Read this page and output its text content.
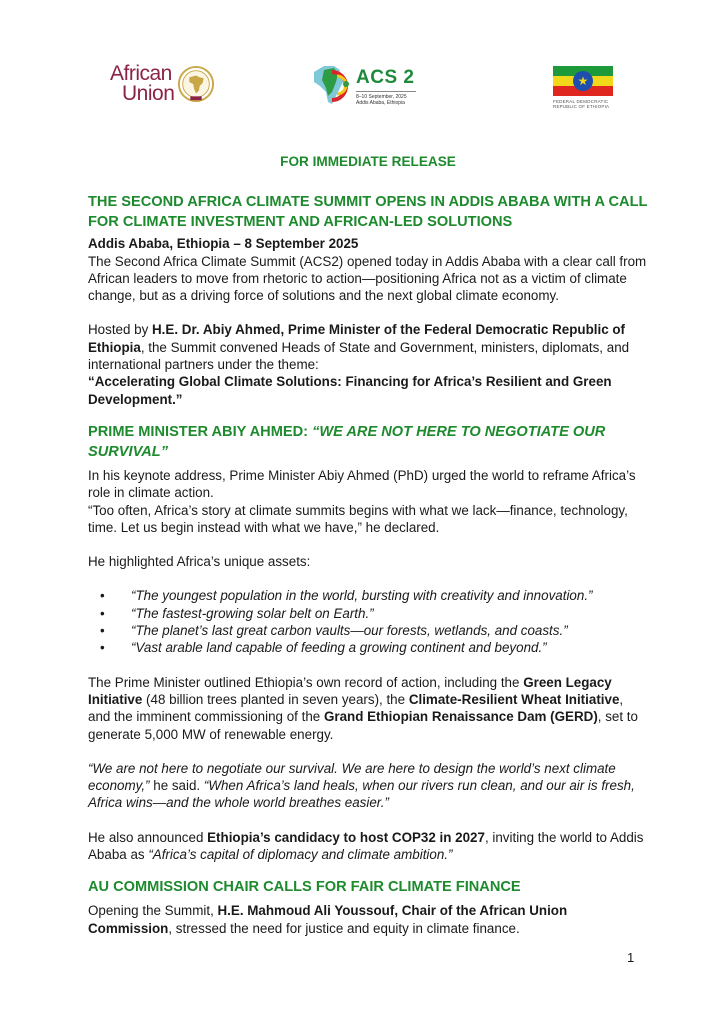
African
Union
ACS 2
8–10 September, 2025
Addis Ababa, Ethiopia
★
FEDERAL DEMOCRATIC
REPUBLIC OF ETHIOPIA
FOR IMMEDIATE RELEASE
THE SECOND AFRICA CLIMATE SUMMIT OPENS IN ADDIS ABABA WITH A CALL FOR CLIMATE INVESTMENT AND AFRICAN-LED SOLUTIONS

Addis Ababa, Ethiopia – 8 September 2025

The Second Africa Climate Summit (ACS2) opened today in Addis Ababa with a clear call from African leaders to move from rhetoric to action—positioning Africa not as a victim of climate change, but as a driving force of solutions and the next global climate economy.

Hosted by H.E. Dr. Abiy Ahmed, Prime Minister of the Federal Democratic Republic of Ethiopia, the Summit convened Heads of State and Government, ministers, diplomats, and international partners under the theme:

“Accelerating Global Climate Solutions: Financing for Africa’s Resilient and Green Development.”

PRIME MINISTER ABIY AHMED: “WE ARE NOT HERE TO NEGOTIATE OUR SURVIVAL”

In his keynote address, Prime Minister Abiy Ahmed (PhD) urged the world to reframe Africa’s role in climate action.

“Too often, Africa’s story at climate summits begins with what we lack—finance, technology, time. Let us begin instead with what we have,” he declared.

He highlighted Africa’s unique assets:

• “The youngest population in the world, bursting with creativity and innovation.”
• “The fastest-growing solar belt on Earth.”
• “The planet’s last great carbon vaults—our forests, wetlands, and coasts.”
• “Vast arable land capable of feeding a growing continent and beyond.”

The Prime Minister outlined Ethiopia’s own record of action, including the Green Legacy Initiative (48 billion trees planted in seven years), the Climate-Resilient Wheat Initiative, and the imminent commissioning of the Grand Ethiopian Renaissance Dam (GERD), set to generate 5,000 MW of renewable energy.

“We are not here to negotiate our survival. We are here to design the world’s next climate economy,” he said. “When Africa’s land heals, when our rivers run clean, and our air is fresh, Africa wins—and the whole world breathes easier.”

He also announced Ethiopia’s candidacy to host COP32 in 2027, inviting the world to Addis Ababa as “Africa’s capital of diplomacy and climate ambition.”

AU COMMISSION CHAIR CALLS FOR FAIR CLIMATE FINANCE

Opening the Summit, H.E. Mahmoud Ali Youssouf, Chair of the African Union Commission, stressed the need for justice and equity in climate finance.

1
